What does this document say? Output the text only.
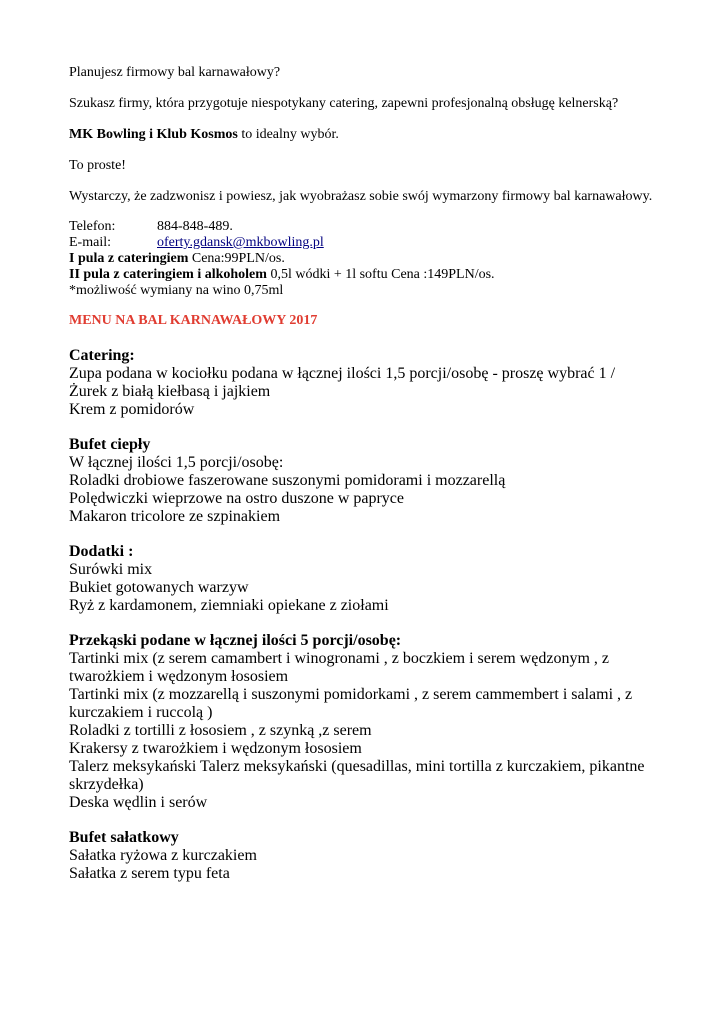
Planujesz firmowy bal karnawałowy?

Szukasz firmy, która przygotuje niespotykany catering, zapewni profesjonalną obsługę kelnerską?

MK Bowling i Klub Kosmos to idealny wybór.

To proste!

Wystarczy, że zadzwonisz i powiesz, jak wyobrażasz sobie swój wymarzony firmowy bal karnawałowy.

Telefon:	884-848-489.
E-mail:	oferty.gdansk@mkbowling.pl

I pula z cateringiem Cena:99PLN/os.

II pula z cateringiem i alkoholem 0,5l wódki + 1l softu Cena :149PLN/os.

*możliwość wymiany na wino 0,75ml

MENU NA BAL KARNAWAŁOWY 2017

Catering:

Zupa podana w kociołku podana w łącznej ilości 1,5 porcji/osobę - proszę wybrać 1 /

Żurek z białą kiełbasą i jajkiem

Krem z pomidorów

Bufet ciepły

W łącznej ilości 1,5 porcji/osobę:

Roladki drobiowe faszerowane suszonymi pomidorami i mozzarellą

Polędwiczki wieprzowe na ostro duszone w papryce

Makaron tricolore ze szpinakiem

Dodatki :

Surówki mix

Bukiet gotowanych warzyw

Ryż z kardamonem, ziemniaki opiekane z ziołami

Przekąski podane w łącznej ilości 5 porcji/osobę:

Tartinki mix (z serem camambert i winogronami , z boczkiem i serem wędzonym , z twarożkiem i wędzonym łososiem

Tartinki mix (z mozzarellą i suszonymi pomidorkami , z serem cammembert i salami , z kurczakiem i ruccolą )

Roladki z tortilli z łososiem , z szynką ,z serem

Krakersy z twarożkiem i wędzonym łososiem

Talerz meksykański Talerz meksykański (quesadillas, mini tortilla z kurczakiem, pikantne skrzydełka)

Deska wędlin i serów

Bufet sałatkowy

Sałatka ryżowa z kurczakiem

Sałatka z serem typu feta
